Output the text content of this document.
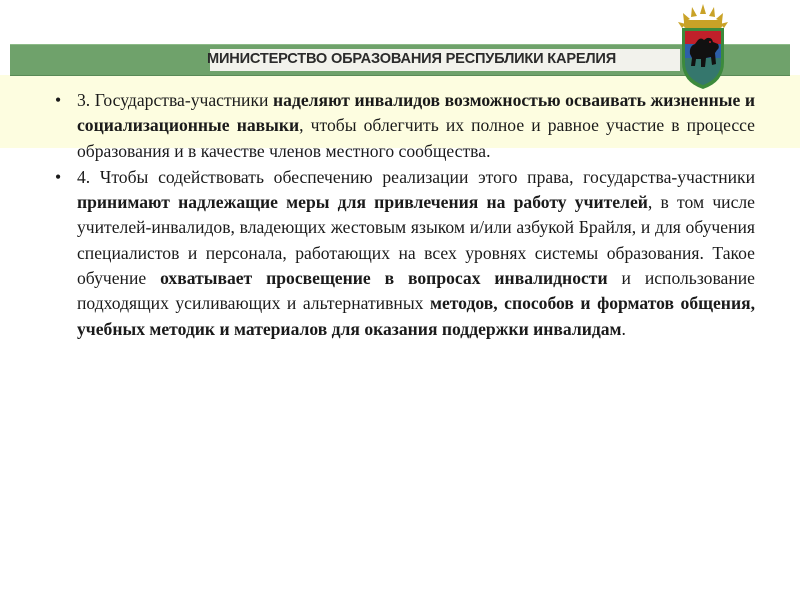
МИНИСТЕРСТВО ОБРАЗОВАНИЯ РЕСПУБЛИКИ КАРЕЛИЯ

• 3. Государства-участники наделяют инвалидов возможностью осваивать жизненные и социализационные навыки, чтобы облегчить их полное и равное участие в процессе образования и в качестве членов местного сообщества.

• 4. Чтобы содействовать обеспечению реализации этого права, государства-участники принимают надлежащие меры для привлечения на работу учителей, в том числе учителей-инвалидов, владеющих жестовым языком и/или азбукой Брайля, и для обучения специалистов и персонала, работающих на всех уровнях системы образования. Такое обучение охватывает просвещение в вопросах инвалидности и использование подходящих усиливающих и альтернативных методов, способов и форматов общения, учебных методик и материалов для оказания поддержки инвалидам.
